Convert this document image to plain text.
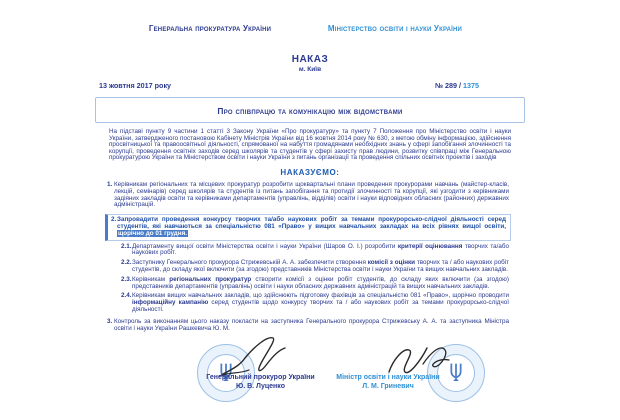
Генеральна прокуратура України	Міністерство освіти і науки України
НАКАЗ
м. Київ
13 жовтня 2017 року	№ 289 / 1375
Про співпрацю та комунікацію між відомствами
На підставі пункту 9 частини 1 статті 3 Закону України «Про прокуратуру» та пункту 7 Положення про Міністерство освіти і науки України, затвердженого постановою Кабінету Міністрів України від 16 жовтня 2014 року № 630, з метою обміну інформацією, здійснення просвітницької та правоосвітньої діяльності, спрямованої на набуття громадянами необхідних знань у сфері запобігання злочинності та корупції, проведення освітніх заходів серед школярів та студентів у сфері захисту прав людини, розвитку співпраці між Генеральною прокуратурою України та Міністерством освіти і науки України з питань організації та проведення спільних освітніх проектів і заходів
НАКАЗУЄМО:
1. Керівникам регіональних та місцевих прокуратур розробити щоквартальні плани проведення прокурорами навчань (майстер-класів, лекцій, семінарів) серед школярів та студентів із питань запобігання та протидії злочинності та корупції, які узгодити з керівниками задіяних закладів освіти та керівниками департаментів (управлінь, відділів) освіти і науки відповідних обласних (районних) державних адміністрацій.
2. Запровадити проведення конкурсу творчих та/або наукових робіт за темами прокурорсько-слідчої діяльності серед студентів, які навчаються за спеціальністю 081 «Право» у вищих навчальних закладах на всіх рівнях вищої освіти, щорічно до 01 грудня.
2.1. Департаменту вищої освіти Міністерства освіти і науки України (Шаров О. І.) розробити критерії оцінювання творчих та/або наукових робіт.
2.2. Заступнику Генерального прокурора Стрижевській А. А. забезпечити створення комісії з оцінки творчих та / або наукових робіт студентів, до складу якої включити (за згодою) представників Міністерства освіти і науки України та вищих навчальних закладів.
2.3. Керівникам регіональних прокуратур створити комісії з оцінки робіт студентів, до складу яких включити (за згодою) представників департаментів (управлінь) освіти і науки обласних державних адміністрацій та вищих навчальних закладів.
2.4. Керівникам вищих навчальних закладів, що здійснюють підготовку фахівців за спеціальністю 081 «Право», щорічно проводити інформаційну кампанію серед студентів щодо конкурсу творчих та / або наукових робіт за темами прокурорсько-слідчої діяльності.
3. Контроль за виконанням цього наказу покласти на заступника Генерального прокурора Стрижевську А. А. та заступника Міністра освіти і науки України Рашкевича Ю. М.
Генеральний прокурор України
Ю. В. Луценко
Міністр освіти і науки України
Л. М. Гриневич
